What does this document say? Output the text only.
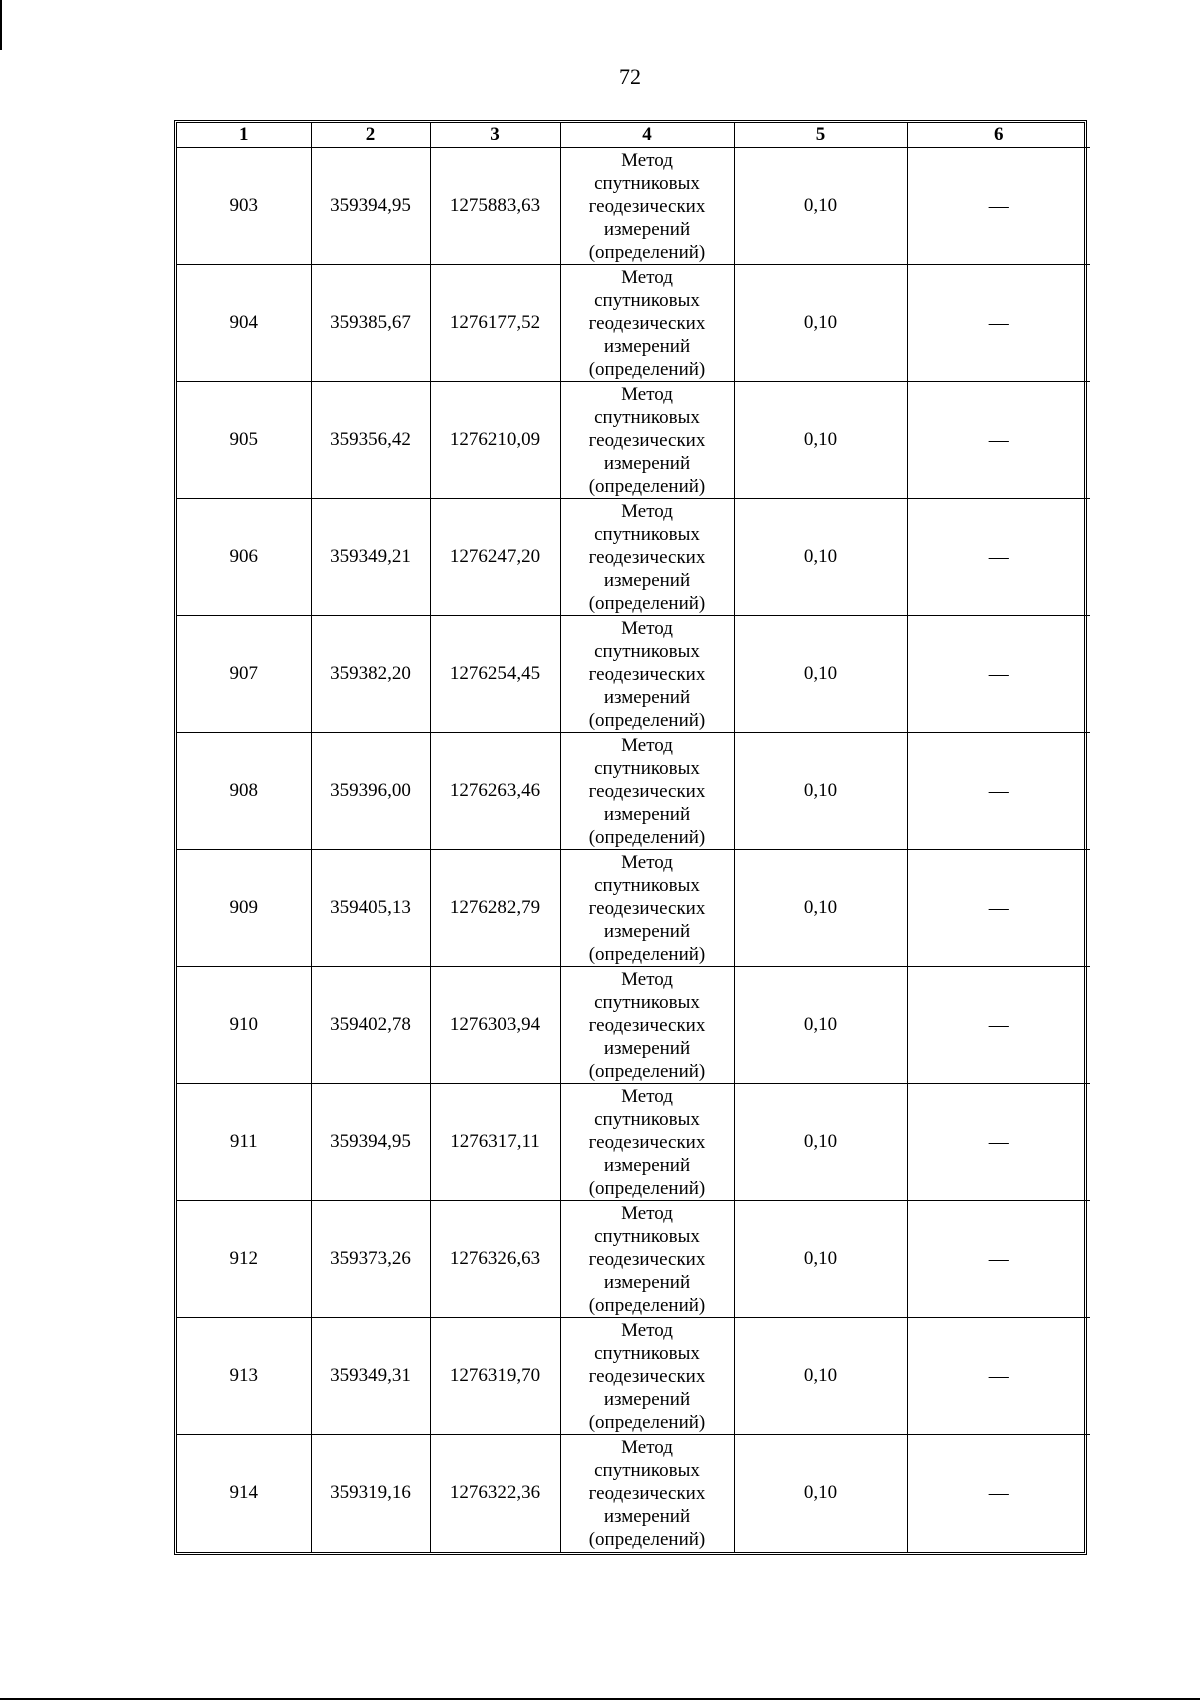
72
1	2	3	4	5	6
903	359394,95	1275883,63	Метод
спутниковых
геодезических
измерений
(определений)	0,10	—
904	359385,67	1276177,52	Метод
спутниковых
геодезических
измерений
(определений)	0,10	—
905	359356,42	1276210,09	Метод
спутниковых
геодезических
измерений
(определений)	0,10	—
906	359349,21	1276247,20	Метод
спутниковых
геодезических
измерений
(определений)	0,10	—
907	359382,20	1276254,45	Метод
спутниковых
геодезических
измерений
(определений)	0,10	—
908	359396,00	1276263,46	Метод
спутниковых
геодезических
измерений
(определений)	0,10	—
909	359405,13	1276282,79	Метод
спутниковых
геодезических
измерений
(определений)	0,10	—
910	359402,78	1276303,94	Метод
спутниковых
геодезических
измерений
(определений)	0,10	—
911	359394,95	1276317,11	Метод
спутниковых
геодезических
измерений
(определений)	0,10	—
912	359373,26	1276326,63	Метод
спутниковых
геодезических
измерений
(определений)	0,10	—
913	359349,31	1276319,70	Метод
спутниковых
геодезических
измерений
(определений)	0,10	—
914	359319,16	1276322,36	Метод
спутниковых
геодезических
измерений
(определений)	0,10	—
